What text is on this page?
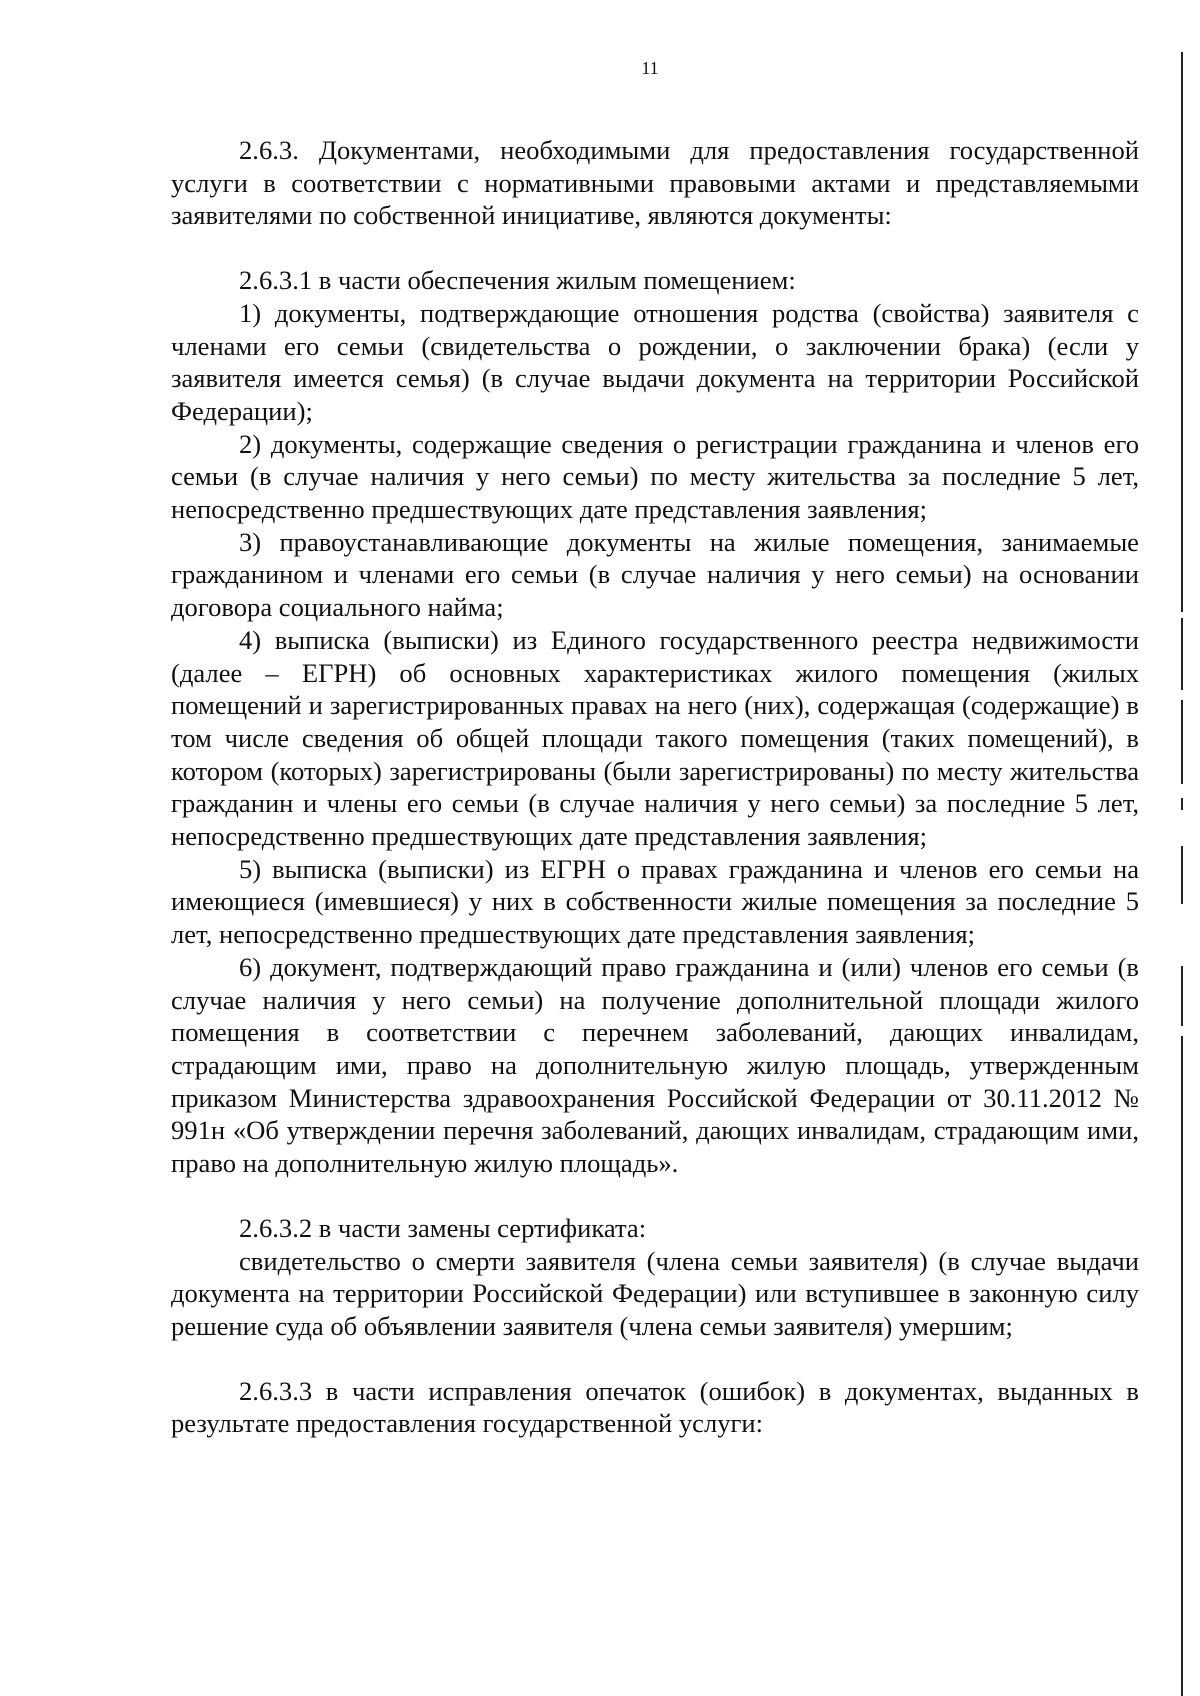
11

2.6.3. Документами, необходимыми для предоставления государственной услуги в соответствии с нормативными правовыми актами и представляемыми заявителями по собственной инициативе, являются документы:

2.6.3.1 в части обеспечения жилым помещением:

1) документы, подтверждающие отношения родства (свойства) заявителя с членами его семьи (свидетельства о рождении, о заключении брака) (если у заявителя имеется семья) (в случае выдачи документа на территории Российской Федерации);

2) документы, содержащие сведения о регистрации гражданина и членов его семьи (в случае наличия у него семьи) по месту жительства за последние 5 лет, непосредственно предшествующих дате представления заявления;

3) правоустанавливающие документы на жилые помещения, занимаемые гражданином и членами его семьи (в случае наличия у него семьи) на основании договора социального найма;

4) выписка (выписки) из Единого государственного реестра недвижимости (далее – ЕГРН) об основных характеристиках жилого помещения (жилых помещений и зарегистрированных правах на него (них), содержащая (содержащие) в том числе сведения об общей площади такого помещения (таких помещений), в котором (которых) зарегистрированы (были зарегистрированы) по месту жительства гражданин и члены его семьи (в случае наличия у него семьи) за последние 5 лет, непосредственно предшествующих дате представления заявления;

5) выписка (выписки) из ЕГРН о правах гражданина и членов его семьи на имеющиеся (имевшиеся) у них в собственности жилые помещения за последние 5 лет, непосредственно предшествующих дате представления заявления;

6) документ, подтверждающий право гражданина и (или) членов его семьи (в случае наличия у него семьи) на получение дополнительной площади жилого помещения в соответствии с перечнем заболеваний, дающих инвалидам, страдающим ими, право на дополнительную жилую площадь, утвержденным приказом Министерства здравоохранения Российской Федерации от 30.11.2012 № 991н «Об утверждении перечня заболеваний, дающих инвалидам, страдающим ими, право на дополнительную жилую площадь».

2.6.3.2 в части замены сертификата:

свидетельство о смерти заявителя (члена семьи заявителя) (в случае выдачи документа на территории Российской Федерации) или вступившее в законную силу решение суда об объявлении заявителя (члена семьи заявителя) умершим;

2.6.3.3 в части исправления опечаток (ошибок) в документах, выданных в результате предоставления государственной услуги:
